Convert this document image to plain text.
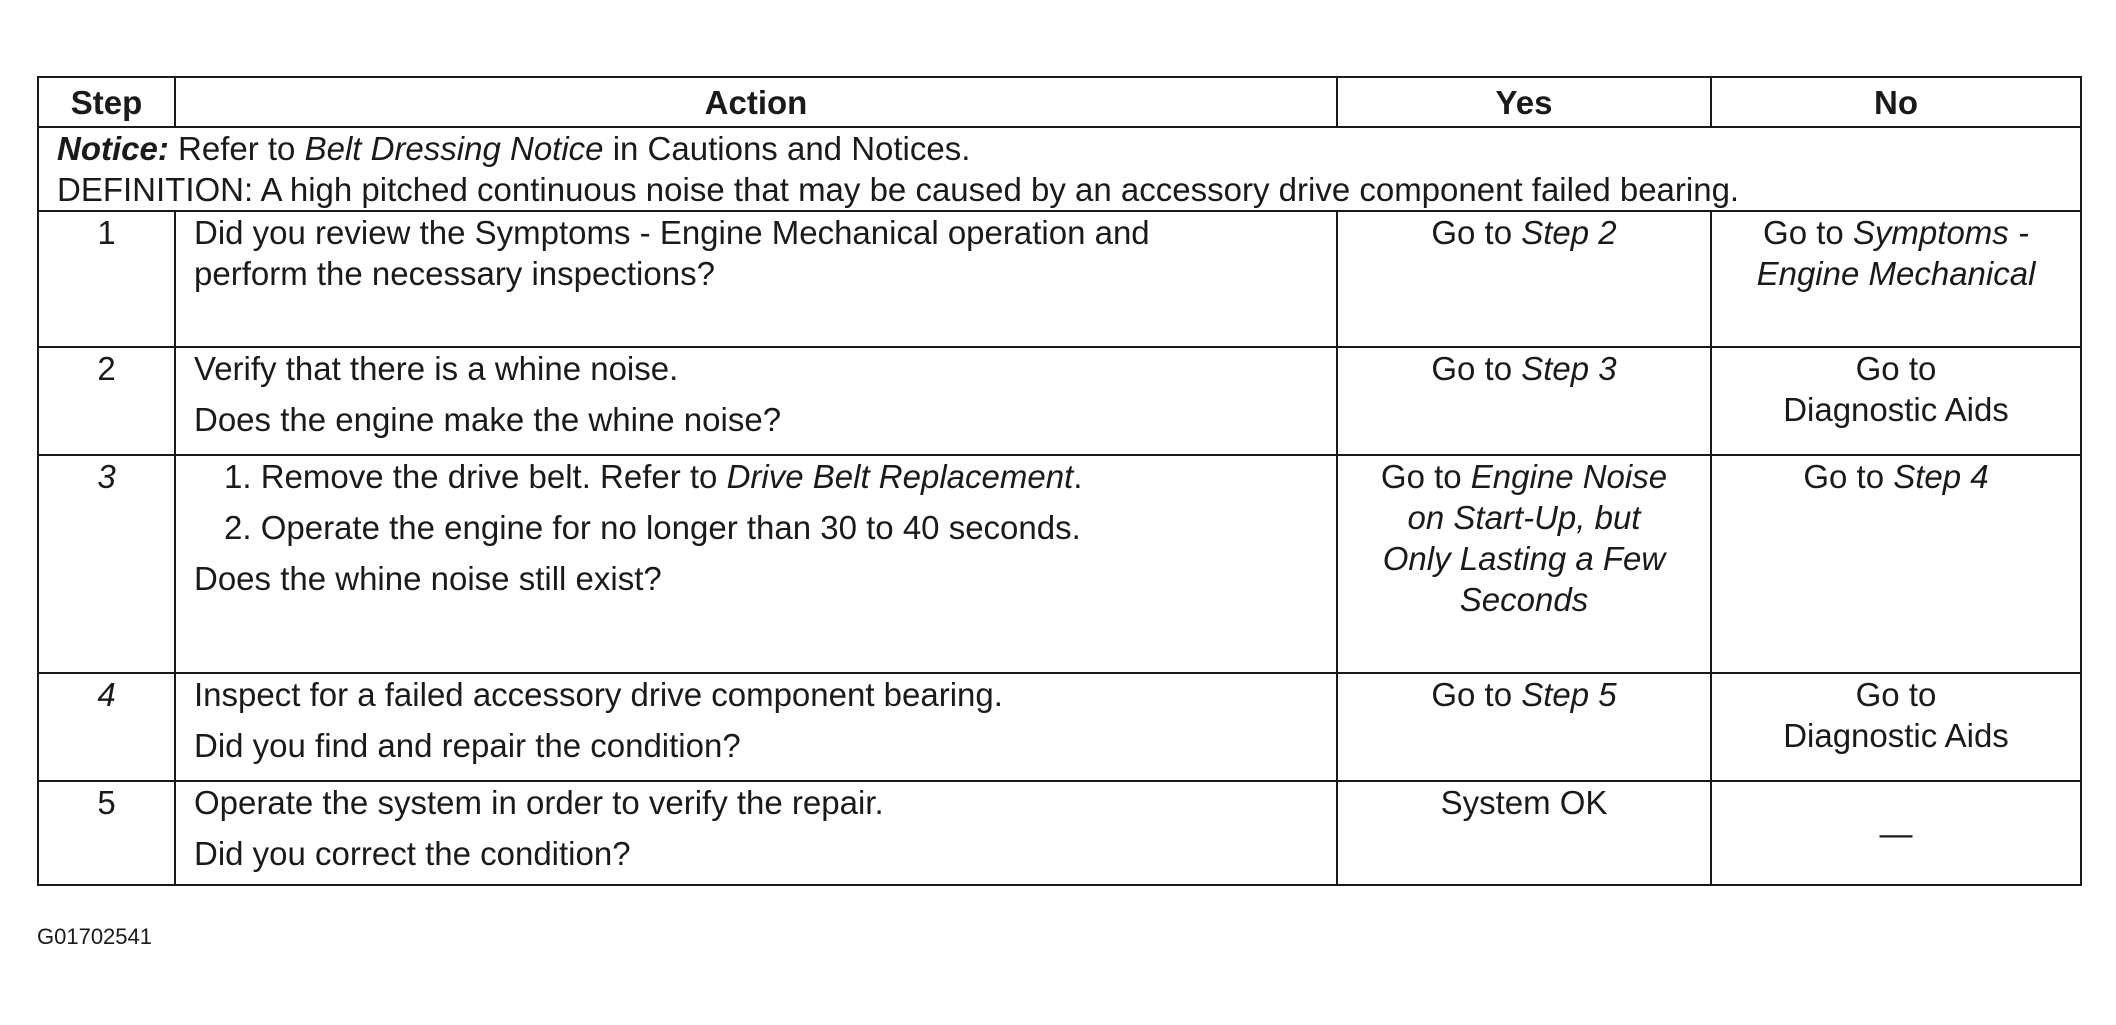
Step	Action	Yes	No
Notice: Refer to Belt Dressing Notice in Cautions and Notices.
DEFINITION: A high pitched continuous noise that may be caused by an accessory drive component failed bearing.			
1	Did you review the Symptoms - Engine Mechanical operation and
perform the necessary inspections?	Go to Step 2	Go to Symptoms -
Engine Mechanical
2	Verify that there is a whine noise.
Does the engine make the whine noise?	Go to Step 3	Go to
Diagnostic Aids
3	1. Remove the drive belt. Refer to Drive Belt Replacement.
2. Operate the engine for no longer than 30 to 40 seconds.
Does the whine noise still exist?	Go to Engine Noise
on Start-Up, but
Only Lasting a Few
Seconds	Go to Step 4
4	Inspect for a failed accessory drive component bearing.
Did you find and repair the condition?	Go to Step 5	Go to
Diagnostic Aids
5	Operate the system in order to verify the repair.
Did you correct the condition?	System OK	—
G01702541
